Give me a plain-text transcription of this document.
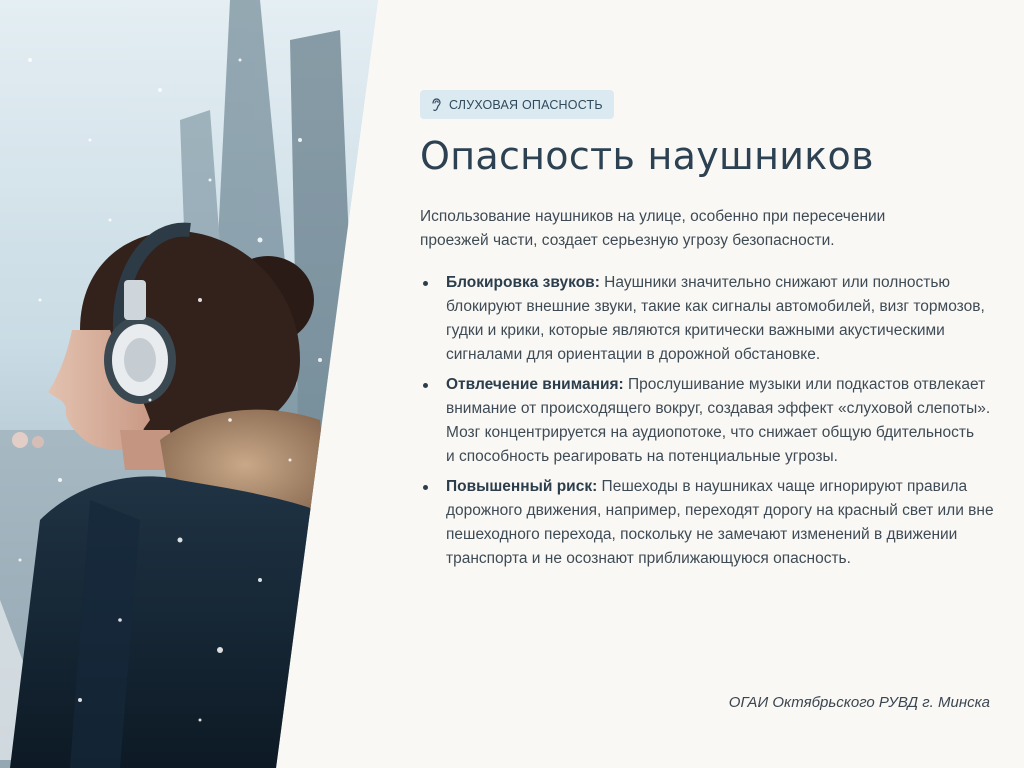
СЛУХОВАЯ ОПАСНОСТЬ
Опасность наушников

Использование наушников на улице, особенно при пересечении проезжей части, создает серьезную угрозу безопасности.

Блокировка звуков: Наушники значительно снижают или полностью блокируют внешние звуки, такие как сигналы автомобилей, визг тормозов, гудки и крики, которые являются критически важными акустическими сигналами для ориентации в дорожной обстановке.
Отвлечение внимания: Прослушивание музыки или подкастов отвлекает внимание от происходящего вокруг, создавая эффект «слуховой слепоты». Мозг концентрируется на аудиопотоке, что снижает общую бдительность
и способность реагировать на потенциальные угрозы.
Повышенный риск: Пешеходы в наушниках чаще игнорируют правила дорожного движения, например, переходят дорогу на красный свет или вне пешеходного перехода, поскольку не замечают изменений в движении транспорта и не осознают приближающуюся опасность.
ОГАИ Октябрьского РУВД г. Минска
